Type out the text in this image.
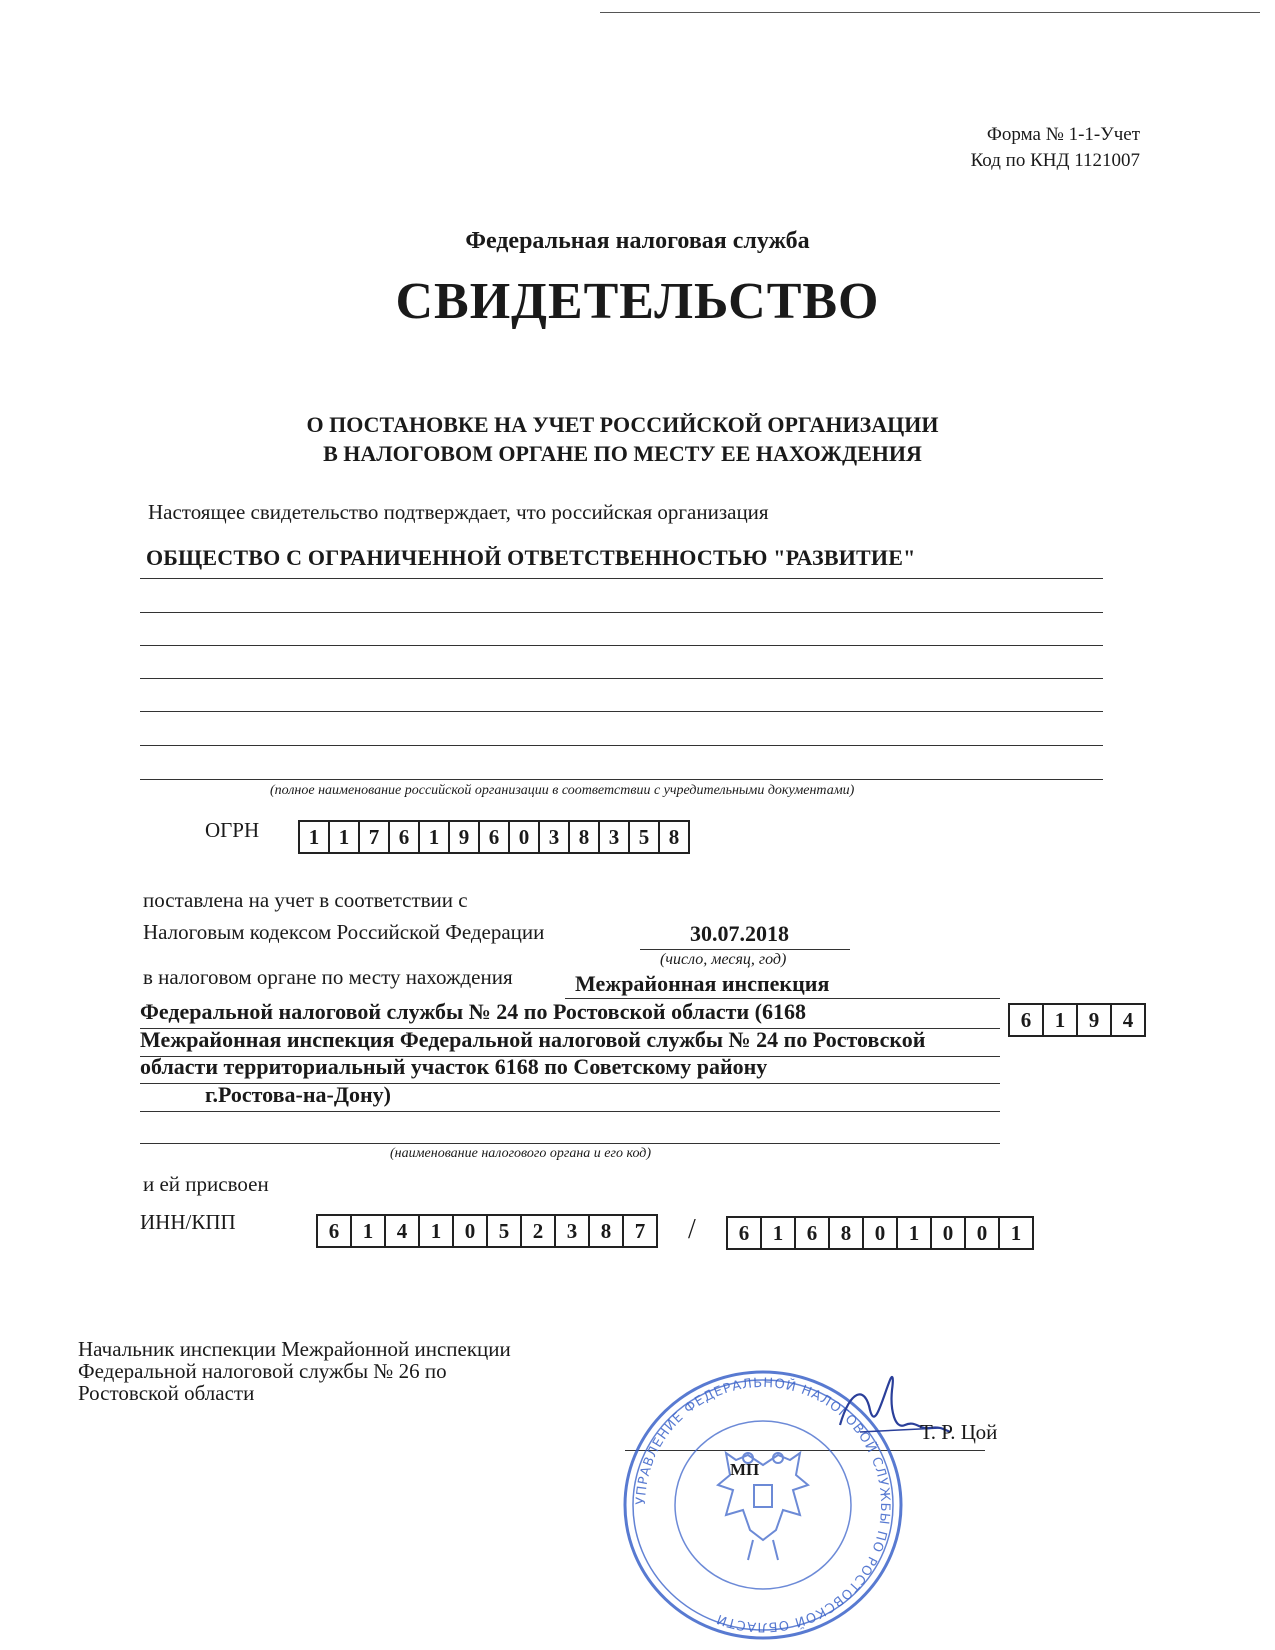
Форма № 1-1-Учет
Код по КНД 1121007
Федеральная налоговая служба
СВИДЕТЕЛЬСТВО
О ПОСТАНОВКЕ НА УЧЕТ РОССИЙСКОЙ ОРГАНИЗАЦИИ
В НАЛОГОВОМ ОРГАНЕ ПО МЕСТУ ЕЕ НАХОЖДЕНИЯ
Настоящее свидетельство подтверждает, что российская организация
ОБЩЕСТВО С ОГРАНИЧЕННОЙ ОТВЕТСТВЕННОСТЬЮ "РАЗВИТИЕ"
(полное наименование российской организации в соответствии с учредительными документами)
ОГРН	1 1 7 6 1 9 6 0 3 8 3 5 8
поставлена на учет в соответствии с
Налоговым кодексом Российской Федерации	30.07.2018
(число, месяц, год)
в налоговом органе по месту нахождения	Межрайонная инспекция
Федеральной налоговой службы № 24 по Ростовской области (6168
Межрайонная инспекция Федеральной налоговой службы № 24 по Ростовской
области территориальный участок 6168 по Советскому району
г.Ростова-на-Дону)
6	1	9	4
(наименование налогового органа и его код)
и ей присвоен
ИНН/КПП	6	1	4	1	0	5	2	3	8	7	/	6	1	6	8	0	1	0	0	1
Начальник инспекции Межрайонной инспекции
Федеральной налоговой службы № 26 по
Ростовской области
УПРАВЛЕНИЕ ФЕДЕРАЛЬНОЙ НАЛОГОВОЙ СЛУЖБЫ ПО РОСТОВСКОЙ ОБЛАСТИ
МП
Т. Р. Цой
